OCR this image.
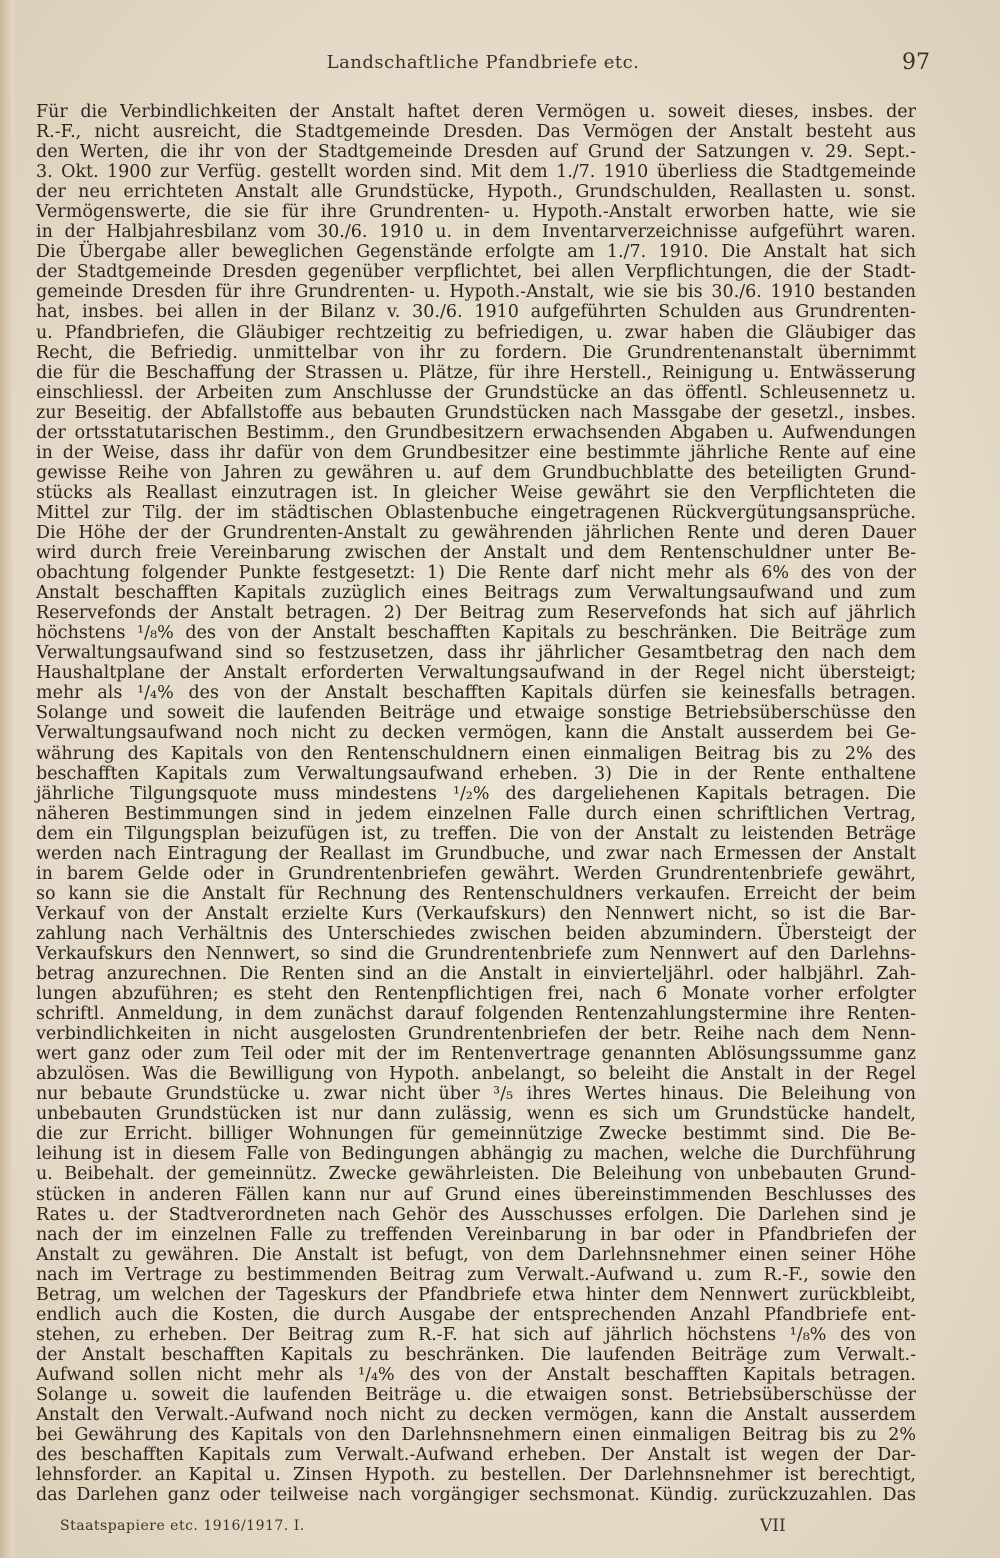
Landschaftliche Pfandbriefe etc.	97
Für die Verbindlichkeiten der Anstalt haftet deren Vermögen u. soweit dieses, insbes. der
R.-F., nicht ausreicht, die Stadtgemeinde Dresden. Das Vermögen der Anstalt besteht aus
den Werten, die ihr von der Stadtgemeinde Dresden auf Grund der Satzungen v. 29. Sept.-
3. Okt. 1900 zur Verfüg. gestellt worden sind. Mit dem 1./7. 1910 überliess die Stadtgemeinde
der neu errichteten Anstalt alle Grundstücke, Hypoth., Grundschulden, Reallasten u. sonst.
Vermögenswerte, die sie für ihre Grundrenten- u. Hypoth.-Anstalt erworben hatte, wie sie
in der Halbjahresbilanz vom 30./6. 1910 u. in dem Inventarverzeichnisse aufgeführt waren.
Die Übergabe aller beweglichen Gegenstände erfolgte am 1./7. 1910. Die Anstalt hat sich
der Stadtgemeinde Dresden gegenüber verpflichtet, bei allen Verpflichtungen, die der Stadt-
gemeinde Dresden für ihre Grundrenten- u. Hypoth.-Anstalt, wie sie bis 30./6. 1910 bestanden
hat, insbes. bei allen in der Bilanz v. 30./6. 1910 aufgeführten Schulden aus Grundrenten-
u. Pfandbriefen, die Gläubiger rechtzeitig zu befriedigen, u. zwar haben die Gläubiger das
Recht, die Befriedig. unmittelbar von ihr zu fordern. Die Grundrentenanstalt übernimmt
die für die Beschaffung der Strassen u. Plätze, für ihre Herstell., Reinigung u. Entwässerung
einschliessl. der Arbeiten zum Anschlusse der Grundstücke an das öffentl. Schleusennetz u.
zur Beseitig. der Abfallstoffe aus bebauten Grundstücken nach Massgabe der gesetzl., insbes.
der ortsstatutarischen Bestimm., den Grundbesitzern erwachsenden Abgaben u. Aufwendungen
in der Weise, dass ihr dafür von dem Grundbesitzer eine bestimmte jährliche Rente auf eine
gewisse Reihe von Jahren zu gewähren u. auf dem Grundbuchblatte des beteiligten Grund-
stücks als Reallast einzutragen ist. In gleicher Weise gewährt sie den Verpflichteten die
Mittel zur Tilg. der im städtischen Oblastenbuche eingetragenen Rückvergütungsansprüche.
Die Höhe der der Grundrenten-Anstalt zu gewährenden jährlichen Rente und deren Dauer
wird durch freie Vereinbarung zwischen der Anstalt und dem Rentenschuldner unter Be-
obachtung folgender Punkte festgesetzt: 1) Die Rente darf nicht mehr als 6% des von der
Anstalt beschafften Kapitals zuzüglich eines Beitrags zum Verwaltungsaufwand und zum
Reservefonds der Anstalt betragen. 2) Der Beitrag zum Reservefonds hat sich auf jährlich
höchstens ¹/₈% des von der Anstalt beschafften Kapitals zu beschränken. Die Beiträge zum
Verwaltungsaufwand sind so festzusetzen, dass ihr jährlicher Gesamtbetrag den nach dem
Haushaltplane der Anstalt erforderten Verwaltungsaufwand in der Regel nicht übersteigt;
mehr als ¹/₄% des von der Anstalt beschafften Kapitals dürfen sie keinesfalls betragen.
Solange und soweit die laufenden Beiträge und etwaige sonstige Betriebsüberschüsse den
Verwaltungsaufwand noch nicht zu decken vermögen, kann die Anstalt ausserdem bei Ge-
währung des Kapitals von den Rentenschuldnern einen einmaligen Beitrag bis zu 2% des
beschafften Kapitals zum Verwaltungsaufwand erheben. 3) Die in der Rente enthaltene
jährliche Tilgungsquote muss mindestens ¹/₂% des dargeliehenen Kapitals betragen. Die
näheren Bestimmungen sind in jedem einzelnen Falle durch einen schriftlichen Vertrag,
dem ein Tilgungsplan beizufügen ist, zu treffen. Die von der Anstalt zu leistenden Beträge
werden nach Eintragung der Reallast im Grundbuche, und zwar nach Ermessen der Anstalt
in barem Gelde oder in Grundrentenbriefen gewährt. Werden Grundrentenbriefe gewährt,
so kann sie die Anstalt für Rechnung des Rentenschuldners verkaufen. Erreicht der beim
Verkauf von der Anstalt erzielte Kurs (Verkaufskurs) den Nennwert nicht, so ist die Bar-
zahlung nach Verhältnis des Unterschiedes zwischen beiden abzumindern. Übersteigt der
Verkaufskurs den Nennwert, so sind die Grundrentenbriefe zum Nennwert auf den Darlehns-
betrag anzurechnen. Die Renten sind an die Anstalt in einvierteljährl. oder halbjährl. Zah-
lungen abzuführen; es steht den Rentenpflichtigen frei, nach 6 Monate vorher erfolgter
schriftl. Anmeldung, in dem zunächst darauf folgenden Rentenzahlungstermine ihre Renten-
verbindlichkeiten in nicht ausgelosten Grundrentenbriefen der betr. Reihe nach dem Nenn-
wert ganz oder zum Teil oder mit der im Rentenvertrage genannten Ablösungssumme ganz
abzulösen. Was die Bewilligung von Hypoth. anbelangt, so beleiht die Anstalt in der Regel
nur bebaute Grundstücke u. zwar nicht über ³/₅ ihres Wertes hinaus. Die Beleihung von
unbebauten Grundstücken ist nur dann zulässig, wenn es sich um Grundstücke handelt,
die zur Erricht. billiger Wohnungen für gemeinnützige Zwecke bestimmt sind. Die Be-
leihung ist in diesem Falle von Bedingungen abhängig zu machen, welche die Durchführung
u. Beibehalt. der gemeinnütz. Zwecke gewährleisten. Die Beleihung von unbebauten Grund-
stücken in anderen Fällen kann nur auf Grund eines übereinstimmenden Beschlusses des
Rates u. der Stadtverordneten nach Gehör des Ausschusses erfolgen. Die Darlehen sind je
nach der im einzelnen Falle zu treffenden Vereinbarung in bar oder in Pfandbriefen der
Anstalt zu gewähren. Die Anstalt ist befugt, von dem Darlehnsnehmer einen seiner Höhe
nach im Vertrage zu bestimmenden Beitrag zum Verwalt.-Aufwand u. zum R.-F., sowie den
Betrag, um welchen der Tageskurs der Pfandbriefe etwa hinter dem Nennwert zurückbleibt,
endlich auch die Kosten, die durch Ausgabe der entsprechenden Anzahl Pfandbriefe ent-
stehen, zu erheben. Der Beitrag zum R.-F. hat sich auf jährlich höchstens ¹/₈% des von
der Anstalt beschafften Kapitals zu beschränken. Die laufenden Beiträge zum Verwalt.-
Aufwand sollen nicht mehr als ¹/₄% des von der Anstalt beschafften Kapitals betragen.
Solange u. soweit die laufenden Beiträge u. die etwaigen sonst. Betriebsüberschüsse der
Anstalt den Verwalt.-Aufwand noch nicht zu decken vermögen, kann die Anstalt ausserdem
bei Gewährung des Kapitals von den Darlehnsnehmern einen einmaligen Beitrag bis zu 2%
des beschafften Kapitals zum Verwalt.-Aufwand erheben. Der Anstalt ist wegen der Dar-
lehnsforder. an Kapital u. Zinsen Hypoth. zu bestellen. Der Darlehnsnehmer ist berechtigt,
das Darlehen ganz oder teilweise nach vorgängiger sechsmonat. Kündig. zurückzuzahlen. Das
Staatspapiere etc. 1916/1917. I.	VII
